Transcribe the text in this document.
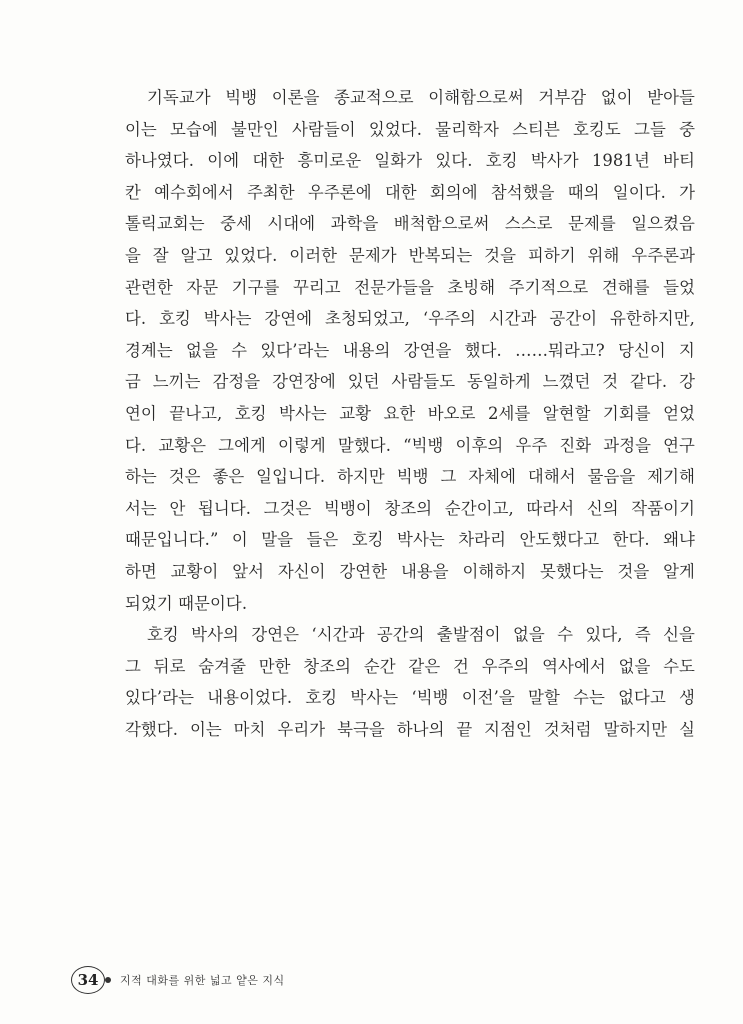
기독교가 빅뱅 이론을 종교적으로 이해함으로써 거부감 없이 받아들
이는 모습에 불만인 사람들이 있었다. 물리학자 스티븐 호킹도 그들 중
하나였다. 이에 대한 흥미로운 일화가 있다. 호킹 박사가 1981년 바티
칸 예수회에서 주최한 우주론에 대한 회의에 참석했을 때의 일이다. 가
톨릭교회는 중세 시대에 과학을 배척함으로써 스스로 문제를 일으켰음
을 잘 알고 있었다. 이러한 문제가 반복되는 것을 피하기 위해 우주론과
관련한 자문 기구를 꾸리고 전문가들을 초빙해 주기적으로 견해를 들었
다. 호킹 박사는 강연에 초청되었고, ‘우주의 시간과 공간이 유한하지만,
경계는 없을 수 있다’라는 내용의 강연을 했다. ……뭐라고? 당신이 지
금 느끼는 감정을 강연장에 있던 사람들도 동일하게 느꼈던 것 같다. 강
연이 끝나고, 호킹 박사는 교황 요한 바오로 2세를 알현할 기회를 얻었
다. 교황은 그에게 이렇게 말했다. “빅뱅 이후의 우주 진화 과정을 연구
하는 것은 좋은 일입니다. 하지만 빅뱅 그 자체에 대해서 물음을 제기해
서는 안 됩니다. 그것은 빅뱅이 창조의 순간이고, 따라서 신의 작품이기
때문입니다.” 이 말을 들은 호킹 박사는 차라리 안도했다고 한다. 왜냐
하면 교황이 앞서 자신이 강연한 내용을 이해하지 못했다는 것을 알게
되었기 때문이다.
호킹 박사의 강연은 ‘시간과 공간의 출발점이 없을 수 있다, 즉 신을
그 뒤로 숨겨줄 만한 창조의 순간 같은 건 우주의 역사에서 없을 수도
있다’라는 내용이었다. 호킹 박사는 ‘빅뱅 이전’을 말할 수는 없다고 생
각했다. 이는 마치 우리가 북극을 하나의 끝 지점인 것처럼 말하지만 실
34	지적 대화를 위한 넓고 얕은 지식
